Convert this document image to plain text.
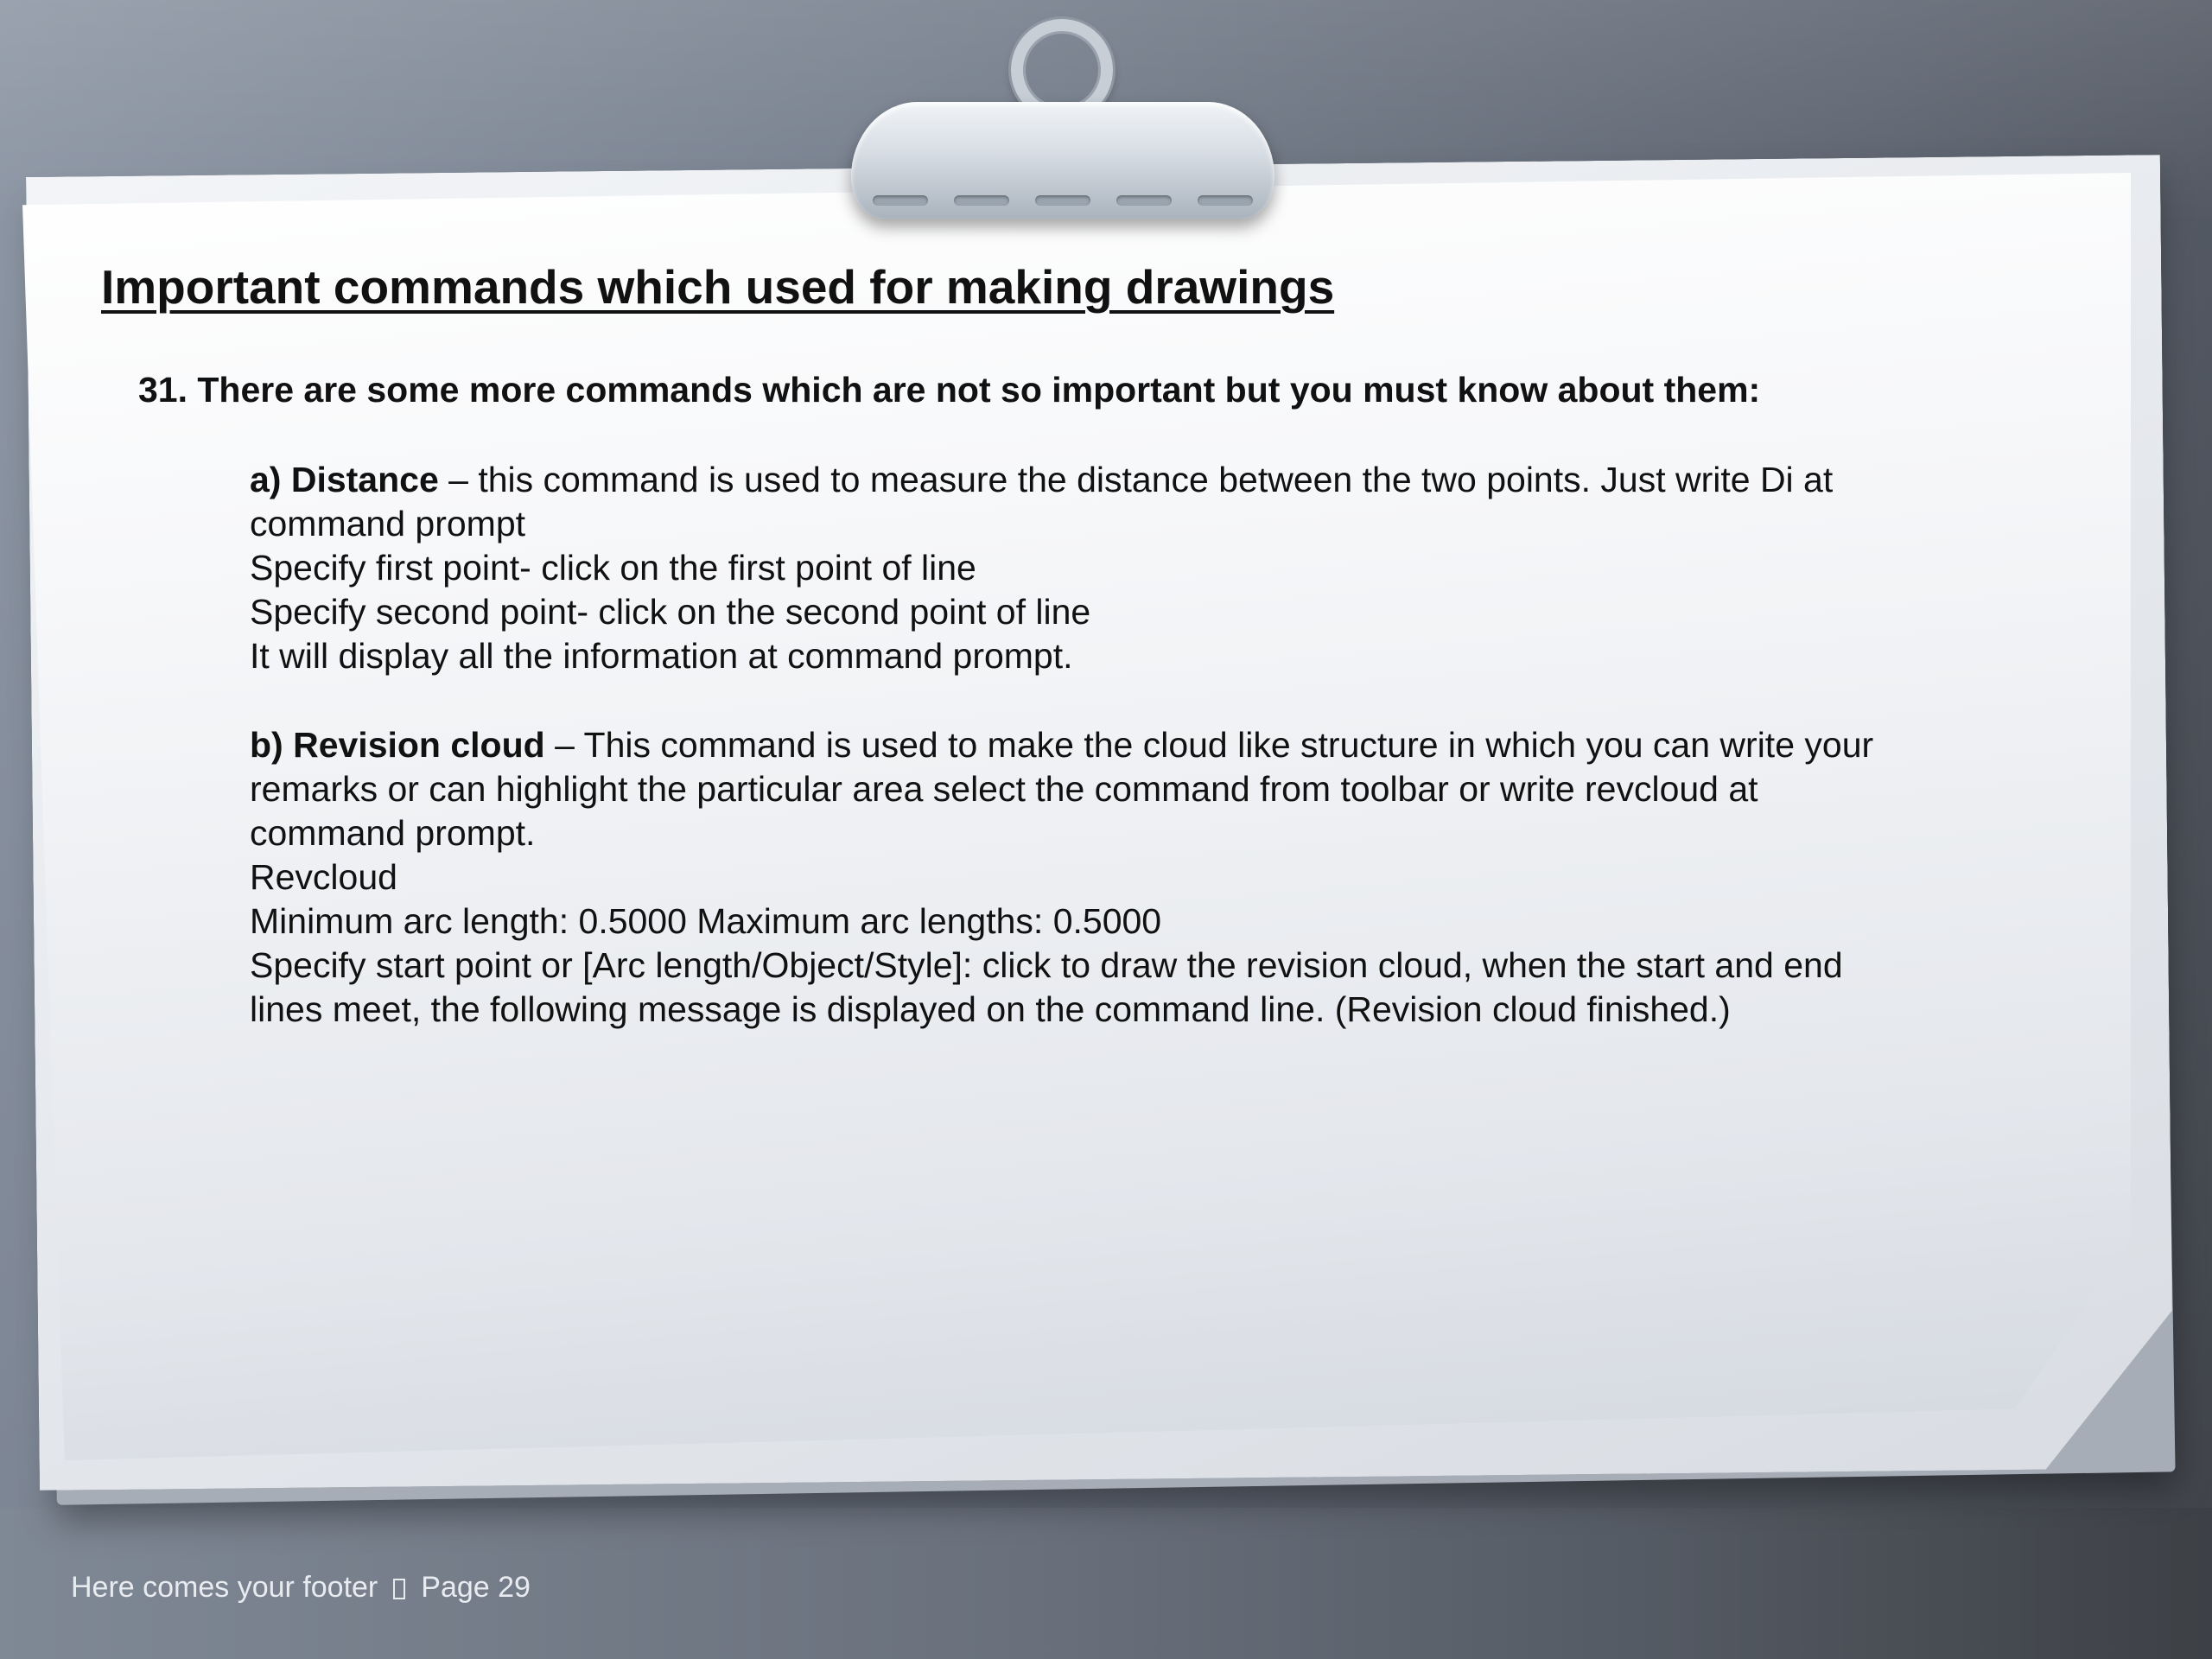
Important commands which used for making drawings

31. There are some more commands which are not so important but you must know about them:

a) Distance – this command is used to measure the distance between the two points. Just write Di at
command prompt
Specify first point- click on the first point of line
Specify second point- click on the second point of line
It will display all the information at command prompt.

b) Revision cloud – This command is used to make the cloud like structure in which you can write your
remarks or can highlight the particular area select the command from toolbar or write revcloud at
command prompt.
Revcloud
Minimum arc length: 0.5000 Maximum arc lengths: 0.5000
Specify start point or [Arc length/Object/Style]: click to draw the revision cloud, when the start and end
lines meet, the following message is displayed on the command line. (Revision cloud finished.)

Here comes your footer Page 29
